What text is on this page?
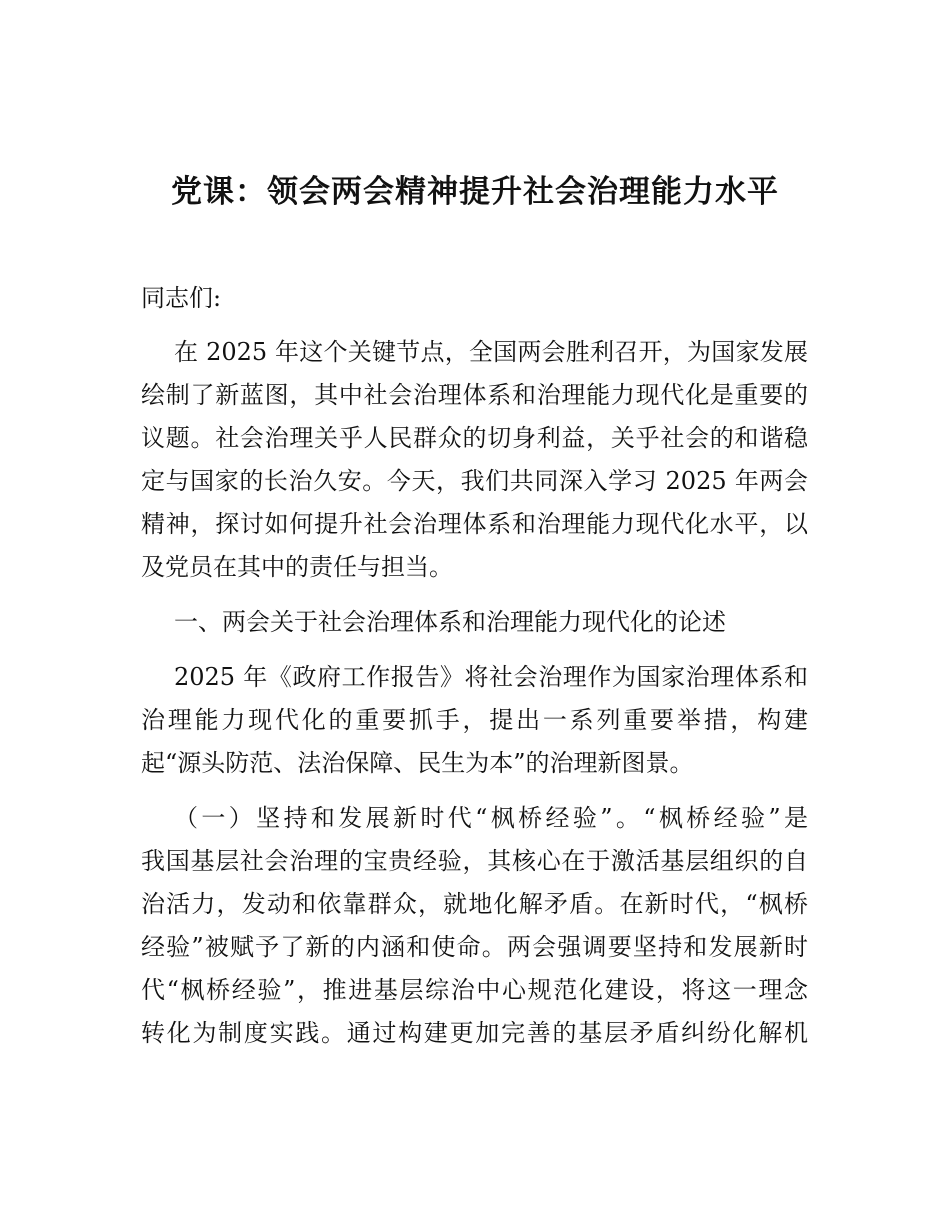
党课：领会两会精神提升社会治理能力水平
同志们:
在 2025 年这个关键节点，全国两会胜利召开，为国家发展
绘制了新蓝图，其中社会治理体系和治理能力现代化是重要的
议题。社会治理关乎人民群众的切身利益，关乎社会的和谐稳
定与国家的长治久安。今天，我们共同深入学习 2025 年两会
精神，探讨如何提升社会治理体系和治理能力现代化水平，以
及党员在其中的责任与担当。
一、两会关于社会治理体系和治理能力现代化的论述
2025 年《政府工作报告》将社会治理作为国家治理体系和
治理能力现代化的重要抓手，提出一系列重要举措，构建
起“源头防范、法治保障、民生为本”的治理新图景。
（一）坚持和发展新时代“枫桥经验”。“枫桥经验”是
我国基层社会治理的宝贵经验，其核心在于激活基层组织的自
治活力，发动和依靠群众，就地化解矛盾。在新时代，“枫桥
经验”被赋予了新的内涵和使命。两会强调要坚持和发展新时
代“枫桥经验”，推进基层综治中心规范化建设，将这一理念
转化为制度实践。通过构建更加完善的基层矛盾纠纷化解机
